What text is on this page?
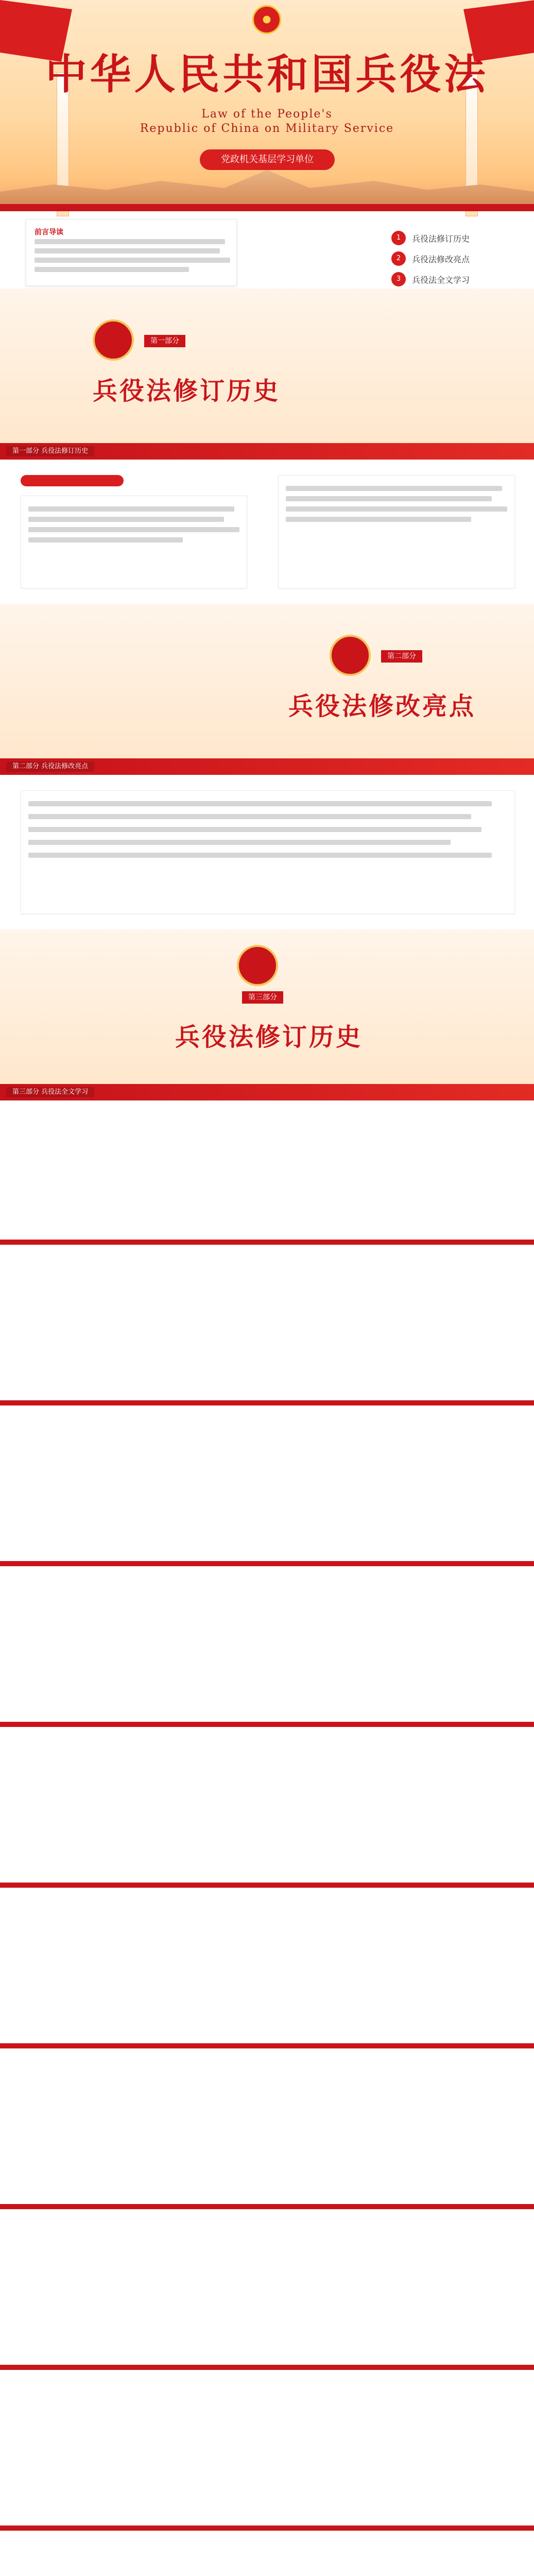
中华人民共和国兵役法
Law of the People's
Republic of China on Military Service
党政机关基层学习单位
前言导读
1	兵役法修订历史
2	兵役法修改亮点
3	兵役法全文学习
第一部分
兵役法修订历史
第一部分 兵役法修订历史
第二部分
兵役法修改亮点
第二部分 兵役法修改亮点
第三部分
兵役法修订历史
第三部分 兵役法全文学习
